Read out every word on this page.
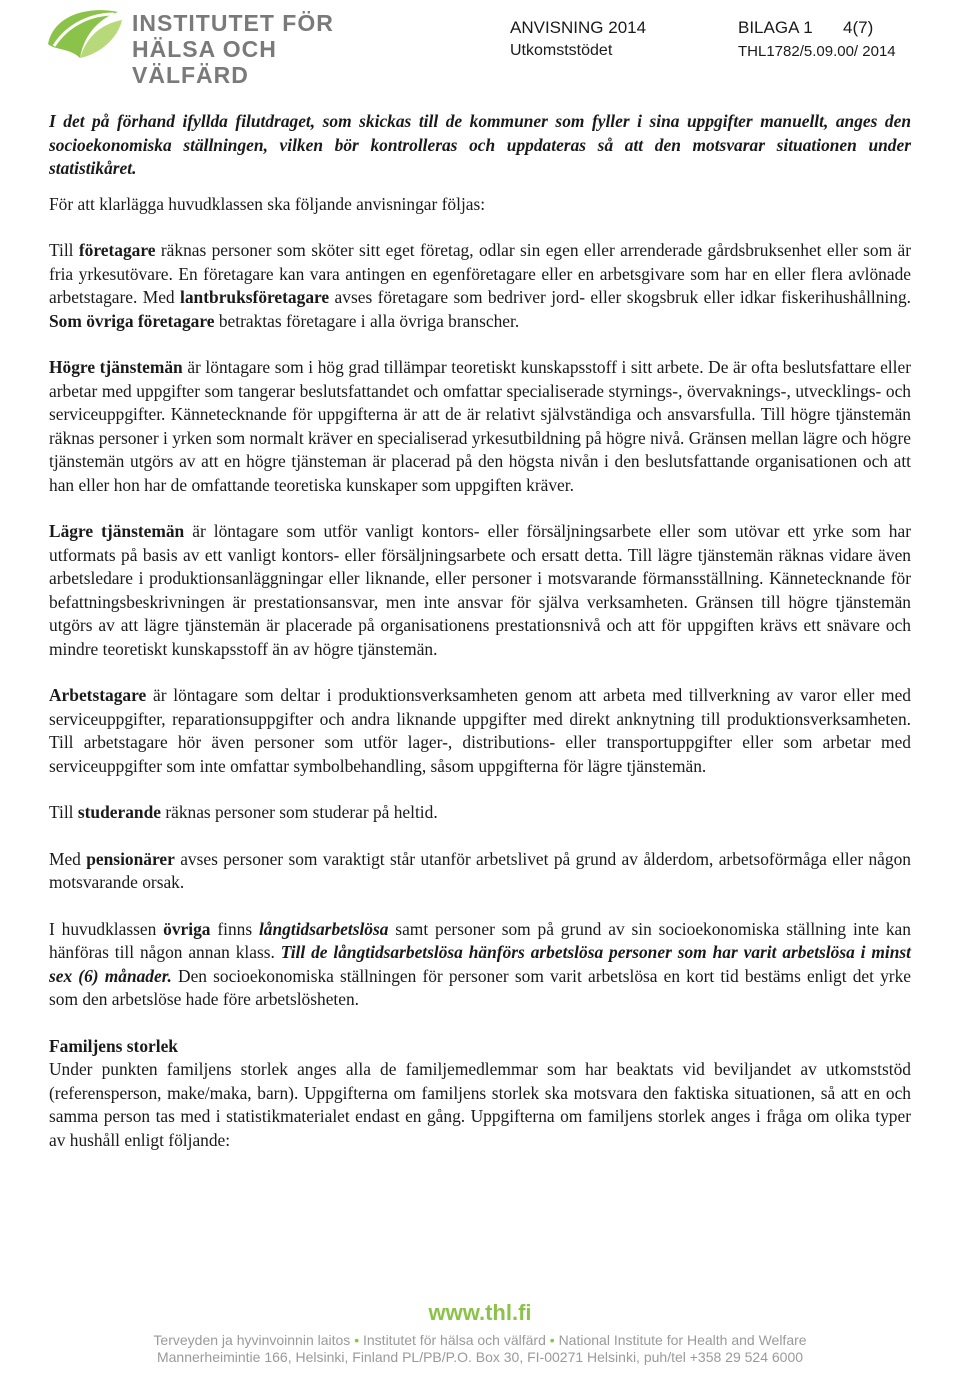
INSTITUTET FÖR
HÄLSA OCH VÄLFÄRD
ANVISNING 2014	BILAGA 1 4(7)
Utkomststödet	THL1782/5.09.00/ 2014

I det på förhand ifyllda filutdraget, som skickas till de kommuner som fyller i sina uppgifter manuellt, anges den socioekonomiska ställningen, vilken bör kontrolleras och uppdateras så att den motsvarar situationen under statistikåret.

För att klarlägga huvudklassen ska följande anvisningar följas:

Till företagare räknas personer som sköter sitt eget företag, odlar sin egen eller arrenderade gårdsbruksenhet eller som är fria yrkesutövare. En företagare kan vara antingen en egenföretagare eller en arbetsgivare som har en eller flera avlönade arbetstagare. Med lantbruksföretagare avses företagare som bedriver jord- eller skogsbruk eller idkar fiskerihushållning. Som övriga företagare betraktas företagare i alla övriga branscher.

Högre tjänstemän är löntagare som i hög grad tillämpar teoretiskt kunskapsstoff i sitt arbete. De är ofta beslutsfattare eller arbetar med uppgifter som tangerar beslutsfattandet och omfattar specialiserade styrnings-, övervaknings-, utvecklings- och serviceuppgifter. Kännetecknande för uppgifterna är att de är relativt självständiga och ansvarsfulla. Till högre tjänstemän räknas personer i yrken som normalt kräver en specialiserad yrkesutbildning på högre nivå. Gränsen mellan lägre och högre tjänstemän utgörs av att en högre tjänsteman är placerad på den högsta nivån i den beslutsfattande organisationen och att han eller hon har de omfattande teoretiska kunskaper som uppgiften kräver.

Lägre tjänstemän är löntagare som utför vanligt kontors- eller försäljningsarbete eller som utövar ett yrke som har utformats på basis av ett vanligt kontors- eller försäljningsarbete och ersatt detta. Till lägre tjänstemän räknas vidare även arbetsledare i produktionsanläggningar eller liknande, eller personer i motsvarande förmansställning. Kännetecknande för befattningsbeskrivningen är prestationsansvar, men inte ansvar för själva verksamheten. Gränsen till högre tjänstemän utgörs av att lägre tjänstemän är placerade på organisationens prestationsnivå och att för uppgiften krävs ett snävare och mindre teoretiskt kunskapsstoff än av högre tjänstemän.

Arbetstagare är löntagare som deltar i produktionsverksamheten genom att arbeta med tillverkning av varor eller med serviceuppgifter, reparationsuppgifter och andra liknande uppgifter med direkt anknytning till produktionsverksamheten. Till arbetstagare hör även personer som utför lager-, distributions- eller transportuppgifter eller som arbetar med serviceuppgifter som inte omfattar symbolbehandling, såsom uppgifterna för lägre tjänstemän.

Till studerande räknas personer som studerar på heltid.

Med pensionärer avses personer som varaktigt står utanför arbetslivet på grund av ålderdom, arbetsoförmåga eller någon motsvarande orsak.

I huvudklassen övriga finns långtidsarbetslösa samt personer som på grund av sin socioekonomiska ställning inte kan hänföras till någon annan klass. Till de långtidsarbetslösa hänförs arbetslösa personer som har varit arbetslösa i minst sex (6) månader. Den socioekonomiska ställningen för personer som varit arbetslösa en kort tid bestäms enligt det yrke som den arbetslöse hade före arbetslösheten.

Familjens storlek

Under punkten familjens storlek anges alla de familjemedlemmar som har beaktats vid beviljandet av utkomststöd (referensperson, make/maka, barn). Uppgifterna om familjens storlek ska motsvara den faktiska situationen, så att en och samma person tas med i statistikmaterialet endast en gång. Uppgifterna om familjens storlek anges i fråga om olika typer av hushåll enligt följande:

www.thl.fi
Terveyden ja hyvinvoinnin laitos • Institutet för hälsa och välfärd • National Institute for Health and Welfare
Mannerheimintie 166, Helsinki, Finland PL/PB/P.O. Box 30, FI-00271 Helsinki, puh/tel +358 29 524 6000
